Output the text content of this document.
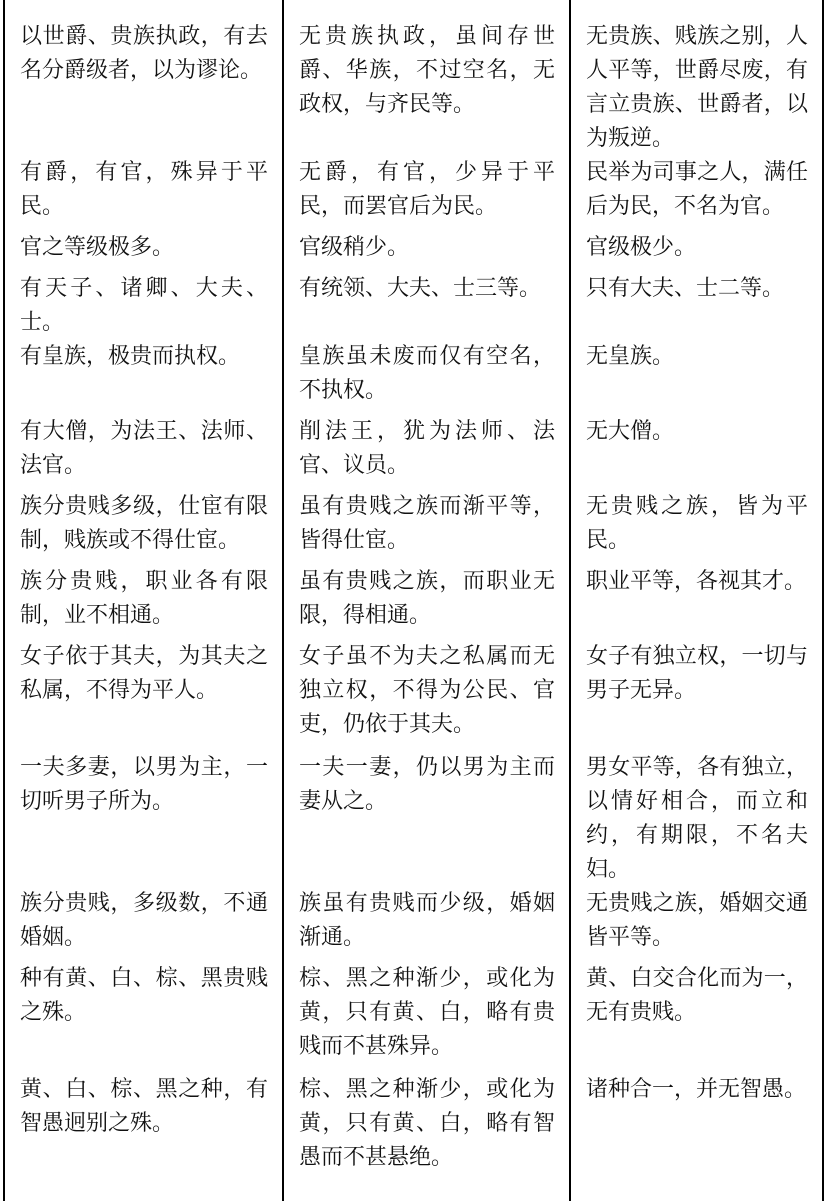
以世爵、贵族执政，有去名分爵级者，以为谬论。	无贵族执政，虽间存世爵、华族，不过空名，无政权，与齐民等。	无贵族、贱族之别，人人平等，世爵尽废，有言立贵族、世爵者，以为叛逆。

有爵，有官，殊异于平民。	无爵，有官，少异于平民，而罢官后为民。	民举为司事之人，满任后为民，不名为官。

官之等级极多。	官级稍少。	官级极少。

有天子、诸卿、大夫、士。	有统领、大夫、士三等。	只有大夫、士二等。

有皇族，极贵而执权。	皇族虽未废而仅有空名，不执权。	无皇族。

有大僧，为法王、法师、法官。	削法王，犹为法师、法官、议员。	无大僧。

族分贵贱多级，仕宦有限制，贱族或不得仕宦。	虽有贵贱之族而渐平等，皆得仕宦。	无贵贱之族，皆为平民。

族分贵贱，职业各有限制，业不相通。	虽有贵贱之族，而职业无限，得相通。	职业平等，各视其才。

女子依于其夫，为其夫之私属，不得为平人。	女子虽不为夫之私属而无独立权，不得为公民、官吏，仍依于其夫。	女子有独立权，一切与男子无异。

一夫多妻，以男为主，一切听男子所为。	一夫一妻，仍以男为主而妻从之。	男女平等，各有独立，以情好相合，而立和约，有期限，不名夫妇。

族分贵贱，多级数，不通婚姻。	族虽有贵贱而少级，婚姻渐通。	无贵贱之族，婚姻交通皆平等。

种有黄、白、棕、黑贵贱之殊。	棕、黑之种渐少，或化为黄，只有黄、白，略有贵贱而不甚殊异。	黄、白交合化而为一，无有贵贱。

黄、白、棕、黑之种，有智愚迥别之殊。	棕、黑之种渐少，或化为黄，只有黄、白，略有智愚而不甚悬绝。	诸种合一，并无智愚。
